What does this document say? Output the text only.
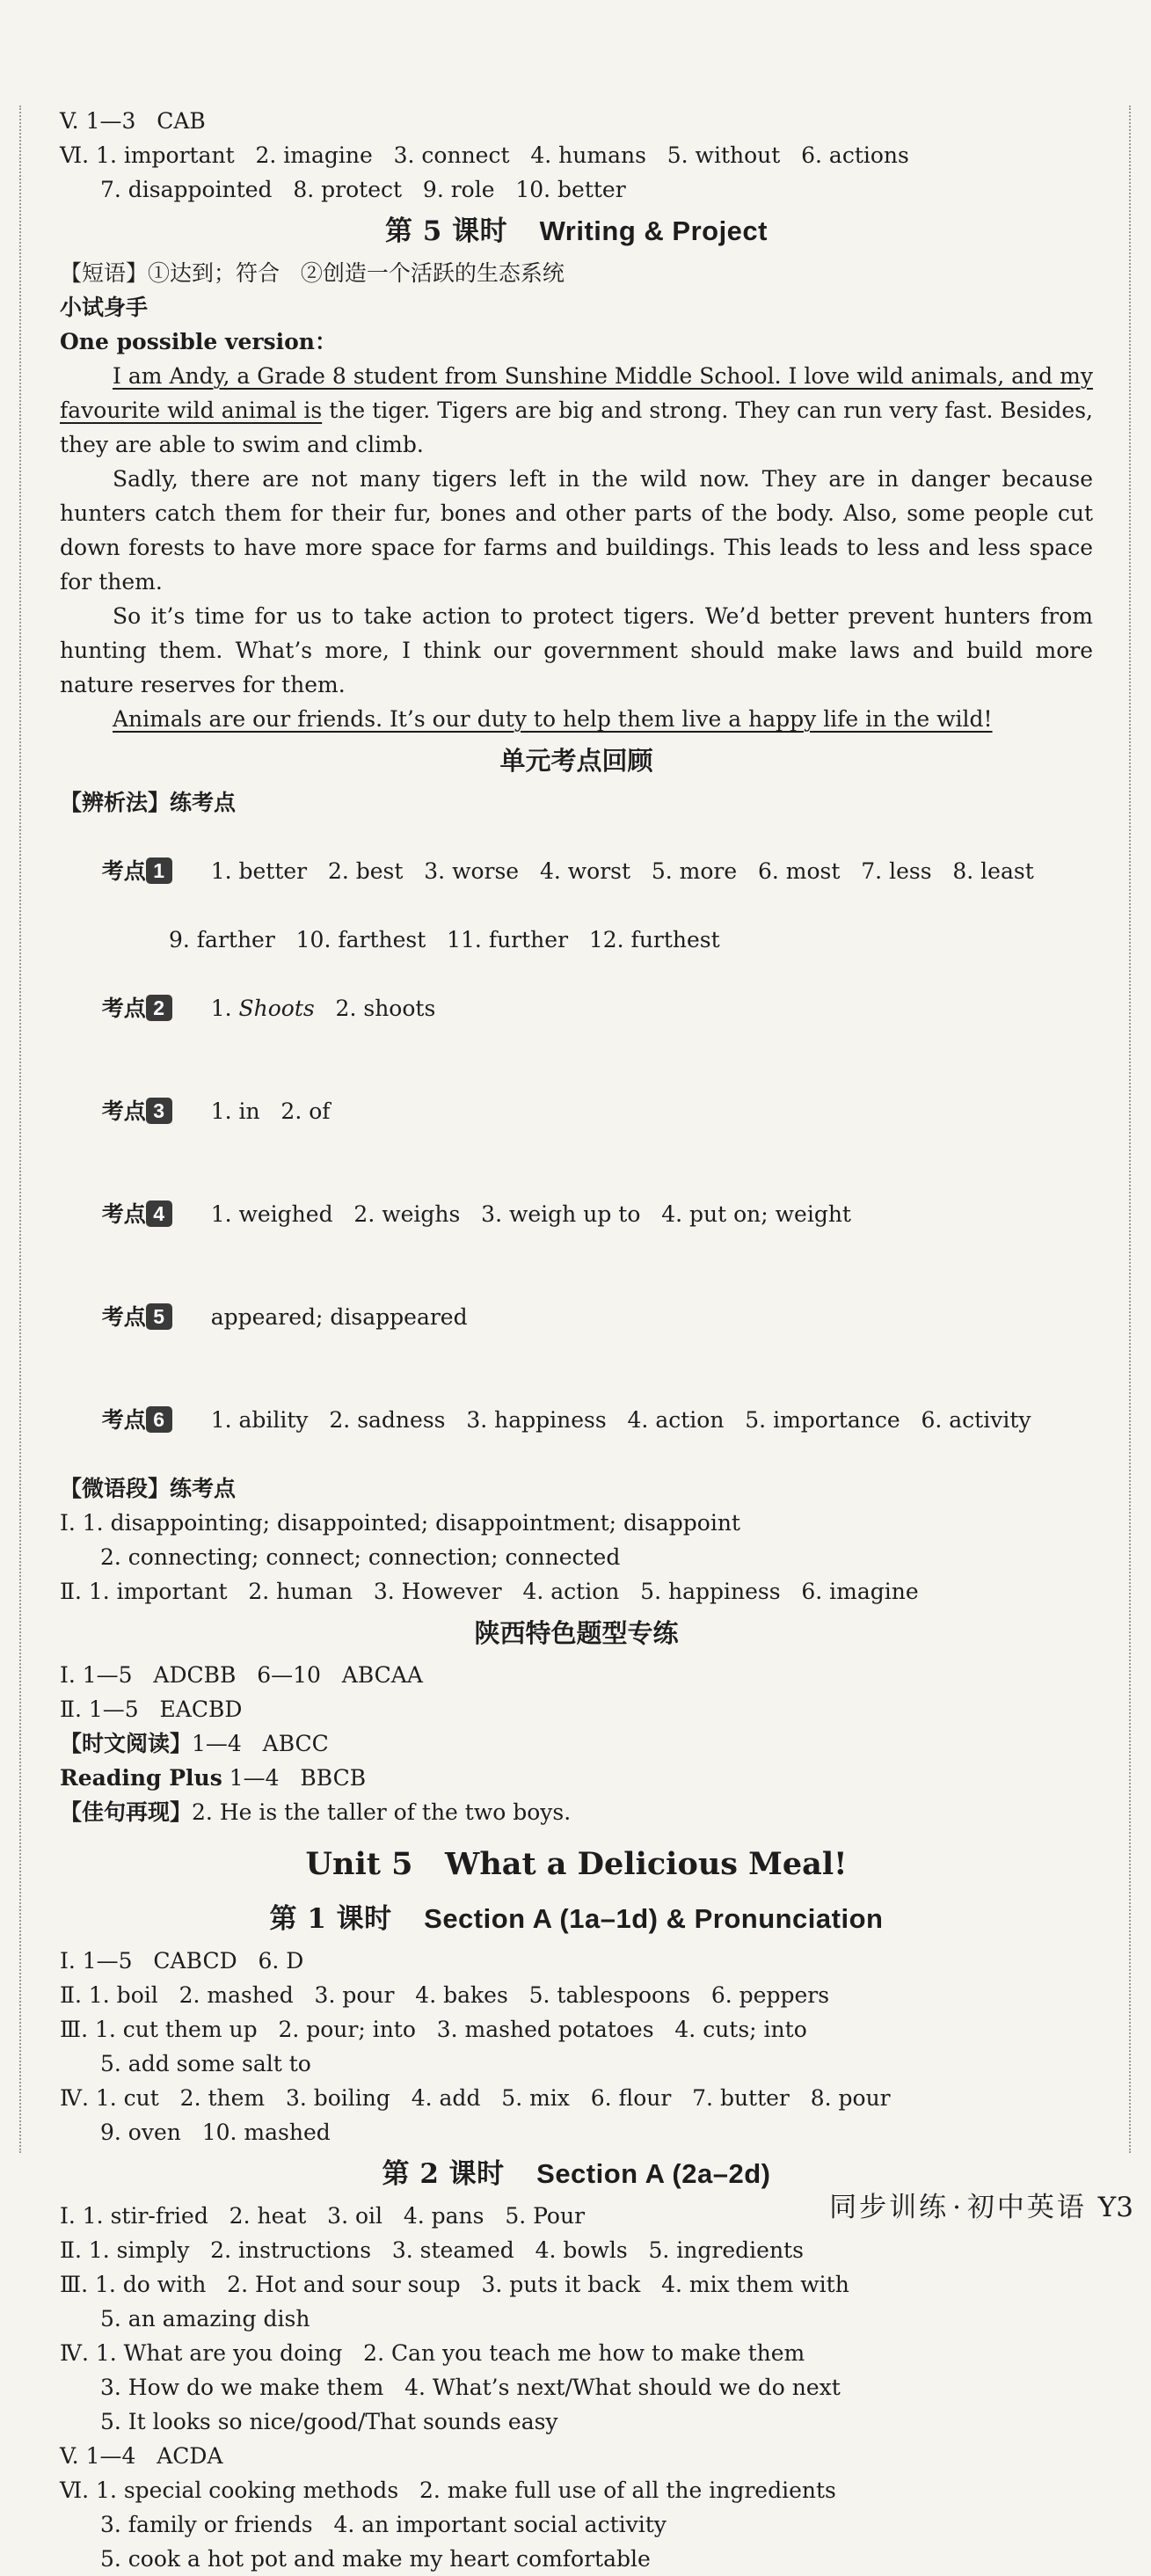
V. 1—3   CAB
Ⅵ. 1. important   2. imagine   3. connect   4. humans   5. without   6. actions
7. disappointed   8. protect   9. role   10. better
第 5 课时 Writing & Project
【短语】①达到；符合   ②创造一个活跃的生态系统
小试身手
One possible version：
I am Andy, a Grade 8 student from Sunshine Middle School. I love wild animals, and my favourite wild animal is the tiger. Tigers are big and strong. They can run very fast. Besides, they are able to swim and climb.
Sadly, there are not many tigers left in the wild now. They are in danger because hunters catch them for their fur, bones and other parts of the body. Also, some people cut down forests to have more space for farms and buildings. This leads to less and less space for them.
So it’s time for us to take action to protect tigers. We’d better prevent hunters from hunting them. What’s more, I think our government should make laws and build more nature reserves for them.
Animals are our friends. It’s our duty to help them live a happy life in the wild!
单元考点回顾
【辨析法】练考点

考点 1 1. better   2. best   3. worse   4. worst   5. more   6. most   7. less   8. least

9. farther   10. farthest   11. further   12. furthest

考点 2 1. Shoots   2. shoots

考点 3 1. in   2. of

考点 4 1. weighed   2. weighs   3. weigh up to   4. put on; weight

考点 5 appeared; disappeared

考点 6 1. ability   2. sadness   3. happiness   4. action   5. importance   6. activity

【微语段】练考点
Ⅰ. 1. disappointing; disappointed; disappointment; disappoint
2. connecting; connect; connection; connected
Ⅱ. 1. important   2. human   3. However   4. action   5. happiness   6. imagine
陕西特色题型专练
Ⅰ. 1—5   ADCBB   6—10   ABCAA
Ⅱ. 1—5   EACBD
【时文阅读】1—4   ABCC
Reading Plus 1—4   BBCB
【佳句再现】2. He is the taller of the two boys.
Unit 5   What a Delicious Meal!
第 1 课时 Section A (1a–1d) & Pronunciation
Ⅰ. 1—5   CABCD   6. D
Ⅱ. 1. boil   2. mashed   3. pour   4. bakes   5. tablespoons   6. peppers
Ⅲ. 1. cut them up   2. pour; into   3. mashed potatoes   4. cuts; into
5. add some salt to
Ⅳ. 1. cut   2. them   3. boiling   4. add   5. mix   6. flour   7. butter   8. pour
9. oven   10. mashed
第 2 课时 Section A (2a–2d)
Ⅰ. 1. stir-fried   2. heat   3. oil   4. pans   5. Pour
Ⅱ. 1. simply   2. instructions   3. steamed   4. bowls   5. ingredients
Ⅲ. 1. do with   2. Hot and sour soup   3. puts it back   4. mix them with
5. an amazing dish
Ⅳ. 1. What are you doing   2. Can you teach me how to make them
3. How do we make them   4. What’s next/What should we do next
5. It looks so nice/good/That sounds easy
V. 1—4   ACDA
Ⅵ. 1. special cooking methods   2. make full use of all the ingredients
3. family or friends   4. an important social activity
5. cook a hot pot and make my heart comfortable
同步训练 · 初中英语 Y3
